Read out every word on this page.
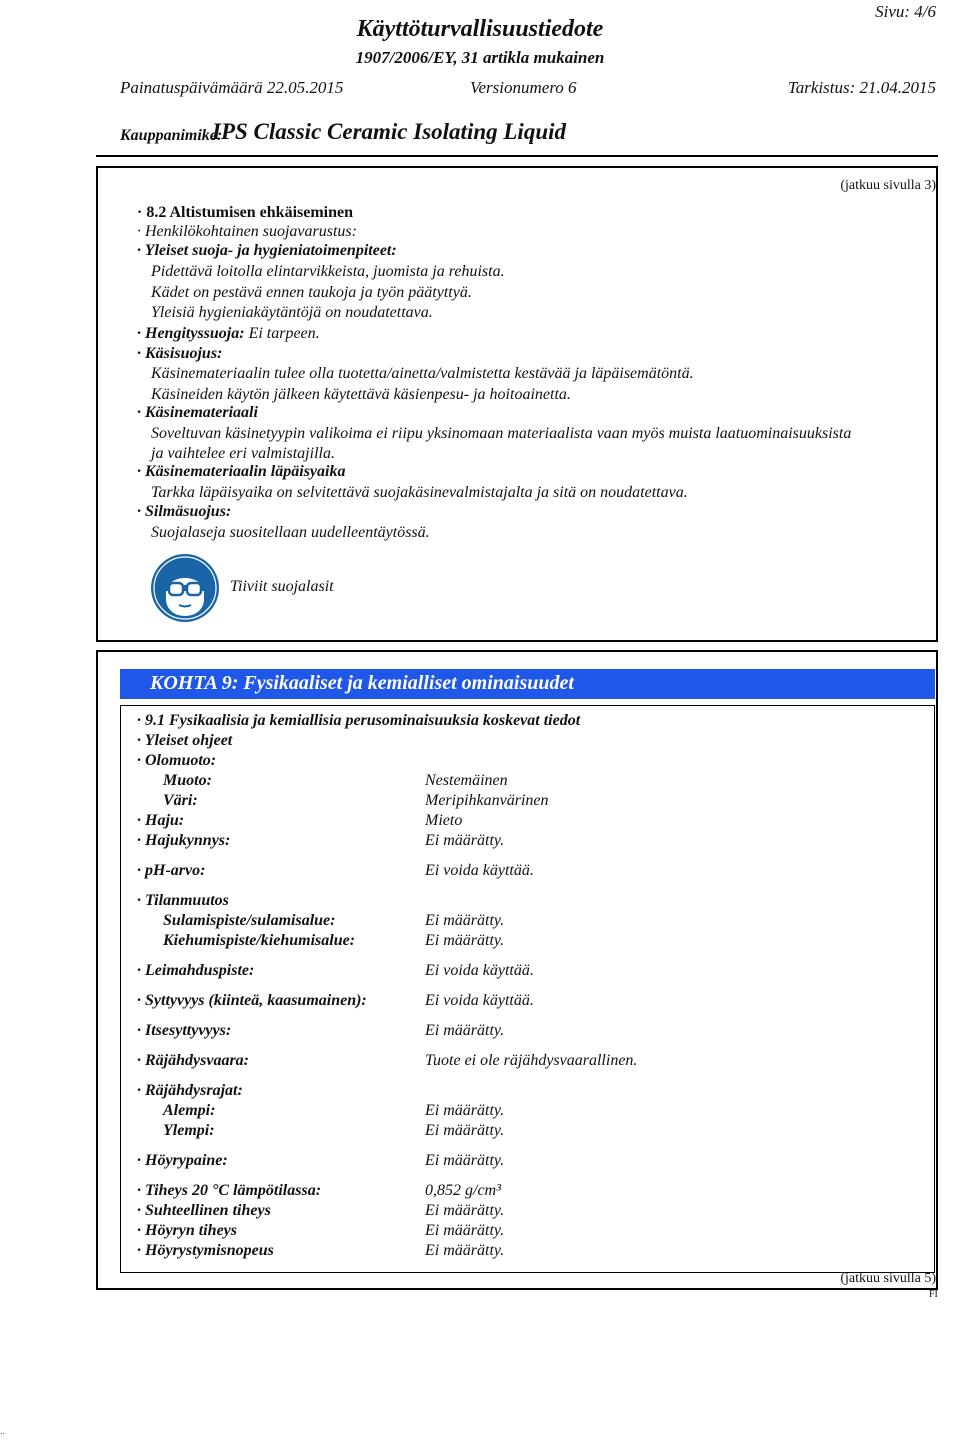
Sivu: 4/6
Käyttöturvallisuustiedote
1907/2006/EY, 31 artikla mukainen
Painatuspäivämäärä 22.05.2015	Versionumero 6	Tarkistus: 21.04.2015
Kauppanimike:
IPS Classic Ceramic Isolating Liquid
(jatkuu sivulla 3)
· 8.2 Altistumisen ehkäiseminen
· Henkilökohtainen suojavarustus:
· Yleiset suoja- ja hygieniatoimenpiteet:
Pidettävä loitolla elintarvikkeista, juomista ja rehuista.
Kädet on pestävä ennen taukoja ja työn päätyttyä.
Yleisiä hygieniakäytäntöjä on noudatettava.
· Hengityssuoja: Ei tarpeen.
· Käsisuojus:
Käsinemateriaalin tulee olla tuotetta/ainetta/valmistetta kestävää ja läpäisemätöntä.
Käsineiden käytön jälkeen käytettävä käsienpesu- ja hoitoainetta.
· Käsinemateriaali
Soveltuvan käsinetyypin valikoima ei riipu yksinomaan materiaalista vaan myös muista laatuominaisuuksista
ja vaihtelee eri valmistajilla.
· Käsinemateriaalin läpäisyaika
Tarkka läpäisyaika on selvitettävä suojakäsinevalmistajalta ja sitä on noudatettava.
· Silmäsuojus:
Suojalaseja suositellaan uudelleentäytössä.
Tiiviit suojalasit
KOHTA 9: Fysikaaliset ja kemialliset ominaisuudet
· 9.1 Fysikaalisia ja kemiallisia perusominaisuuksia koskevat tiedot
· Yleiset ohjeet
· Olomuoto:
Muoto:	Nestemäinen
Väri:	Meripihkanvärinen
· Haju:	Mieto
· Hajukynnys:	Ei määrätty.
· pH-arvo:	Ei voida käyttää.
· Tilanmuutos
Sulamispiste/sulamisalue:	Ei määrätty.
Kiehumispiste/kiehumisalue:	Ei määrätty.
· Leimahduspiste:	Ei voida käyttää.
· Syttyvyys (kiinteä, kaasumainen):	Ei voida käyttää.
· Itsesyttyvyys:	Ei määrätty.
· Räjähdysvaara:	Tuote ei ole räjähdysvaarallinen.
· Räjähdysrajat:
Alempi:	Ei määrätty.
Ylempi:	Ei määrätty.
· Höyrypaine:	Ei määrätty.
· Tiheys 20 °C lämpötilassa:	0,852 g/cm³
· Suhteellinen tiheys	Ei määrätty.
· Höyryn tiheys	Ei määrätty.
· Höyrystymisnopeus	Ei määrätty.
(jatkuu sivulla 5)
FI
..
